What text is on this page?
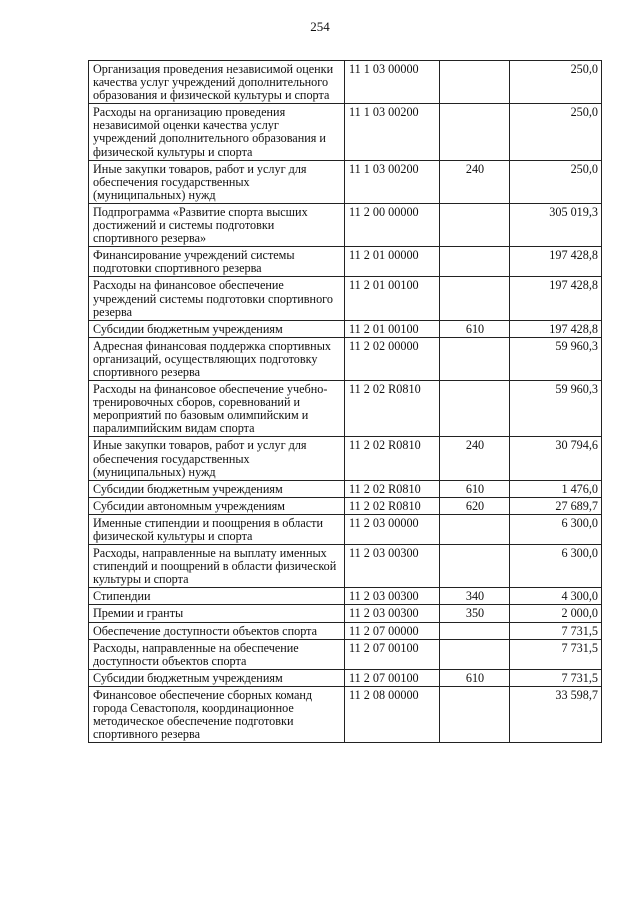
254
Организация проведения независимой оценки качества услуг учреждений дополнительного образования и физической культуры и спорта	11 1 03 00000		250,0
Расходы на организацию проведения независимой оценки качества услуг учреждений дополнительного образования и физической культуры и спорта	11 1 03 00200		250,0
Иные закупки товаров, работ и услуг для обеспечения государственных (муниципальных) нужд	11 1 03 00200	240	250,0
Подпрограмма «Развитие спорта высших достижений и системы подготовки спортивного резерва»	11 2 00 00000		305 019,3
Финансирование учреждений системы подготовки спортивного резерва	11 2 01 00000		197 428,8
Расходы на финансовое обеспечение учреждений системы подготовки спортивного резерва	11 2 01 00100		197 428,8
Субсидии бюджетным учреждениям	11 2 01 00100	610	197 428,8
Адресная финансовая поддержка спортивных организаций, осуществляющих подготовку спортивного резерва	11 2 02 00000		59 960,3
Расходы на финансовое обеспечение учебно-тренировочных сборов, соревнований и мероприятий по базовым олимпийским и паралимпийским видам спорта	11 2 02 R0810		59 960,3
Иные закупки товаров, работ и услуг для обеспечения государственных (муниципальных) нужд	11 2 02 R0810	240	30 794,6
Субсидии бюджетным учреждениям	11 2 02 R0810	610	1 476,0
Субсидии автономным учреждениям	11 2 02 R0810	620	27 689,7
Именные стипендии и поощрения в области физической культуры и спорта	11 2 03 00000		6 300,0
Расходы, направленные на выплату именных стипендий и поощрений в области физической культуры и спорта	11 2 03 00300		6 300,0
Стипендии	11 2 03 00300	340	4 300,0
Премии и гранты	11 2 03 00300	350	2 000,0
Обеспечение доступности объектов спорта	11 2 07 00000		7 731,5
Расходы, направленные на обеспечение доступности объектов спорта	11 2 07 00100		7 731,5
Субсидии бюджетным учреждениям	11 2 07 00100	610	7 731,5
Финансовое обеспечение сборных команд города Севастополя, координационное методическое обеспечение подготовки спортивного резерва	11 2 08 00000		33 598,7
